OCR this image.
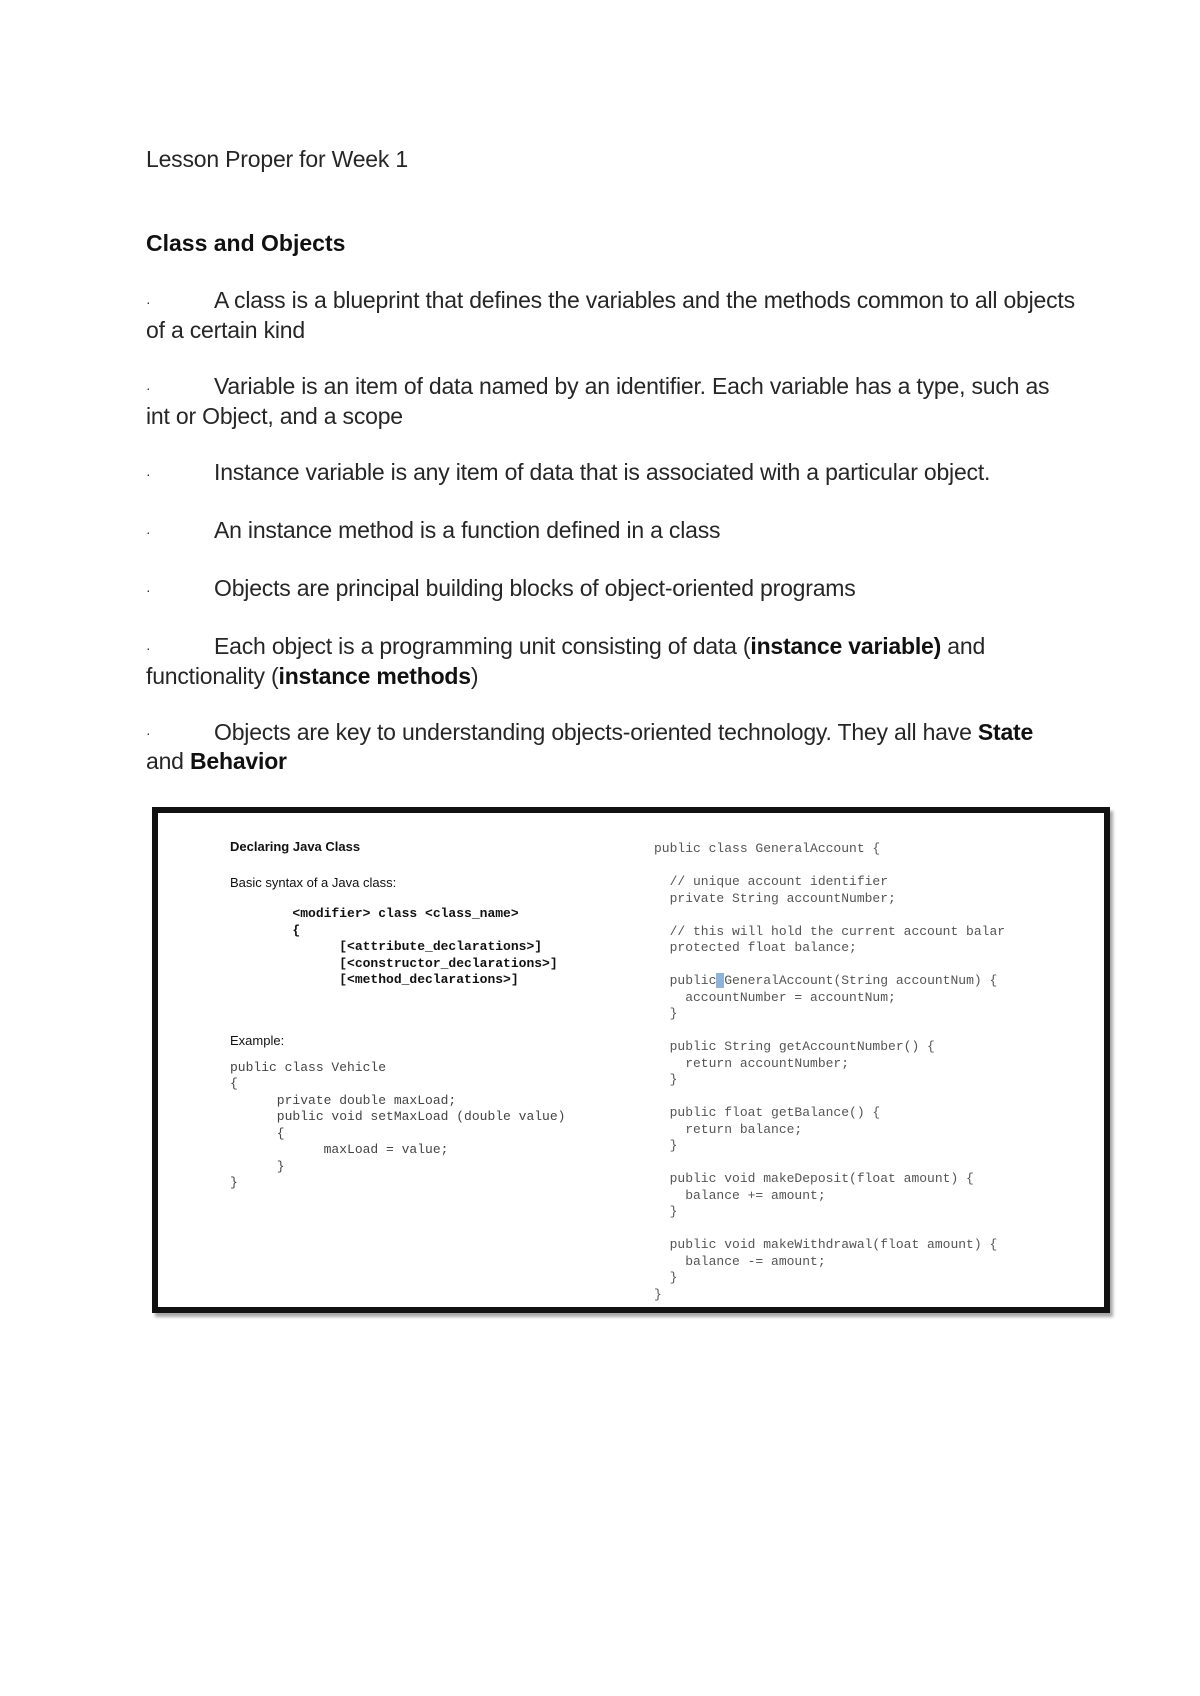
Lesson Proper for Week 1
Class and Objects
·	A class is a blueprint that defines the variables and the methods common to all objects of a certain kind
·	Variable is an item of data named by an identifier. Each variable has a type, such as int or Object, and a scope
·	Instance variable is any item of data that is associated with a particular object.
·	An instance method is a function defined in a class
·	Objects are principal building blocks of object-oriented programs
·	Each object is a programming unit consisting of data (instance variable) and functionality (instance methods)
·	Objects are key to understanding objects-oriented technology. They all have State and Behavior
Declaring Java Class
Basic syntax of a Java class:
<modifier> class <class_name>
{
[<attribute_declarations>]
[<constructor_declarations>]
[<method_declarations>]
Example:
public class Vehicle
{
private double maxLoad;
public void setMaxLoad (double value)
{
maxLoad = value;
}
}
public class GeneralAccount {

// unique account identifier
private String accountNumber;

// this will hold the current account balar
protected float balance;

public GeneralAccount(String accountNum) {
accountNumber = accountNum;
}

public String getAccountNumber() {
return accountNumber;
}

public float getBalance() {
return balance;
}

public void makeDeposit(float amount) {
balance += amount;
}

public void makeWithdrawal(float amount) {
balance -= amount;
}
}
